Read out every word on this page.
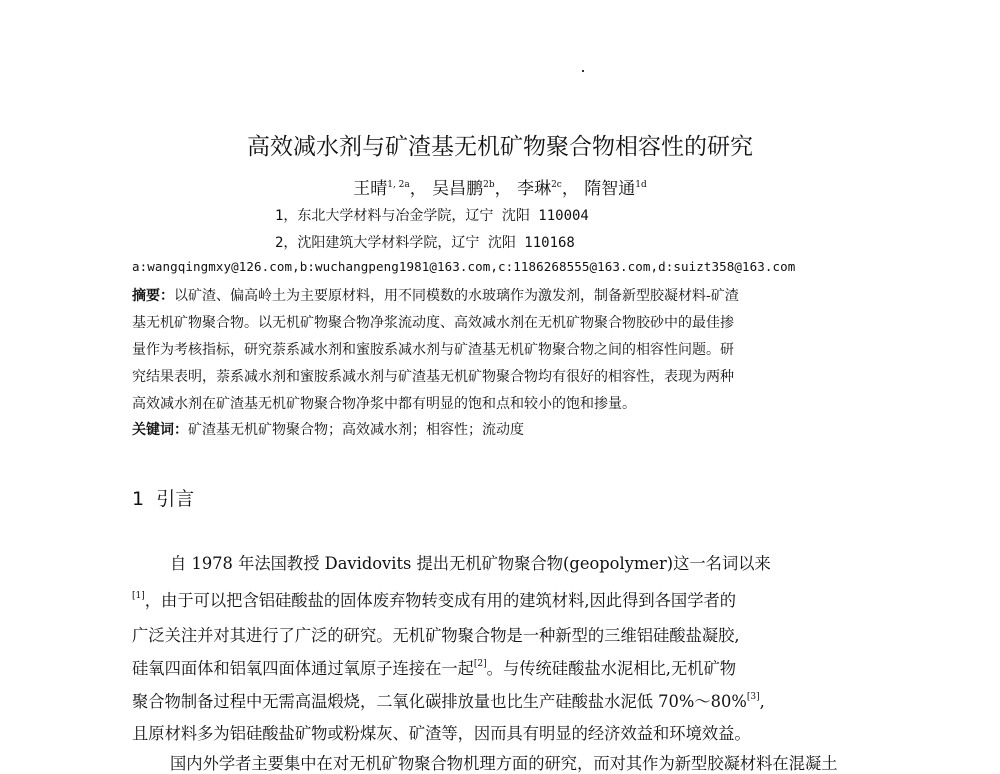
高效减水剂与矿渣基无机矿物聚合物相容性的研究
王晴$^{1, 2a}$， 吴昌鹏$^{2b}$， 李琳$^{2c}$， 隋智通$^{1d}$
1，东北大学材料与冶金学院，辽宁 沈阳 110004
2，沈阳建筑大学材料学院，辽宁 沈阳 110168
a:wangqingmxy@126.com,b:wuchangpeng1981@163.com,c:1186268555@163.com,d:suizt358@163.com
摘要：以矿渣、偏高岭土为主要原材料，用不同模数的水玻璃作为激发剂，制备新型胶凝材料-矿渣
基无机矿物聚合物。以无机矿物聚合物净浆流动度、高效减水剂在无机矿物聚合物胶砂中的最佳掺
量作为考核指标，研究萘系减水剂和蜜胺系减水剂与矿渣基无机矿物聚合物之间的相容性问题。研
究结果表明，萘系减水剂和蜜胺系减水剂与矿渣基无机矿物聚合物均有很好的相容性，表现为两种
高效减水剂在矿渣基无机矿物聚合物净浆中都有明显的饱和点和较小的饱和掺量。
关键词：矿渣基无机矿物聚合物；高效减水剂；相容性；流动度
1 引言
自 1978 年法国教授 Davidovits 提出无机矿物聚合物(geopolymer)这一名词以来
[1]，由于可以把含铝硅酸盐的固体废弃物转变成有用的建筑材料,因此得到各国学者的
广泛关注并对其进行了广泛的研究。无机矿物聚合物是一种新型的三维铝硅酸盐凝胶,
硅氧四面体和铝氧四面体通过氧原子连接在一起[2]。与传统硅酸盐水泥相比,无机矿物
聚合物制备过程中无需高温煅烧，二氧化碳排放量也比生产硅酸盐水泥低 70%～80%[3],
且原材料多为铝硅酸盐矿物或粉煤灰、矿渣等，因而具有明显的经济效益和环境效益。
国内外学者主要集中在对无机矿物聚合物机理方面的研究，而对其作为新型胶凝材料在混凝土
